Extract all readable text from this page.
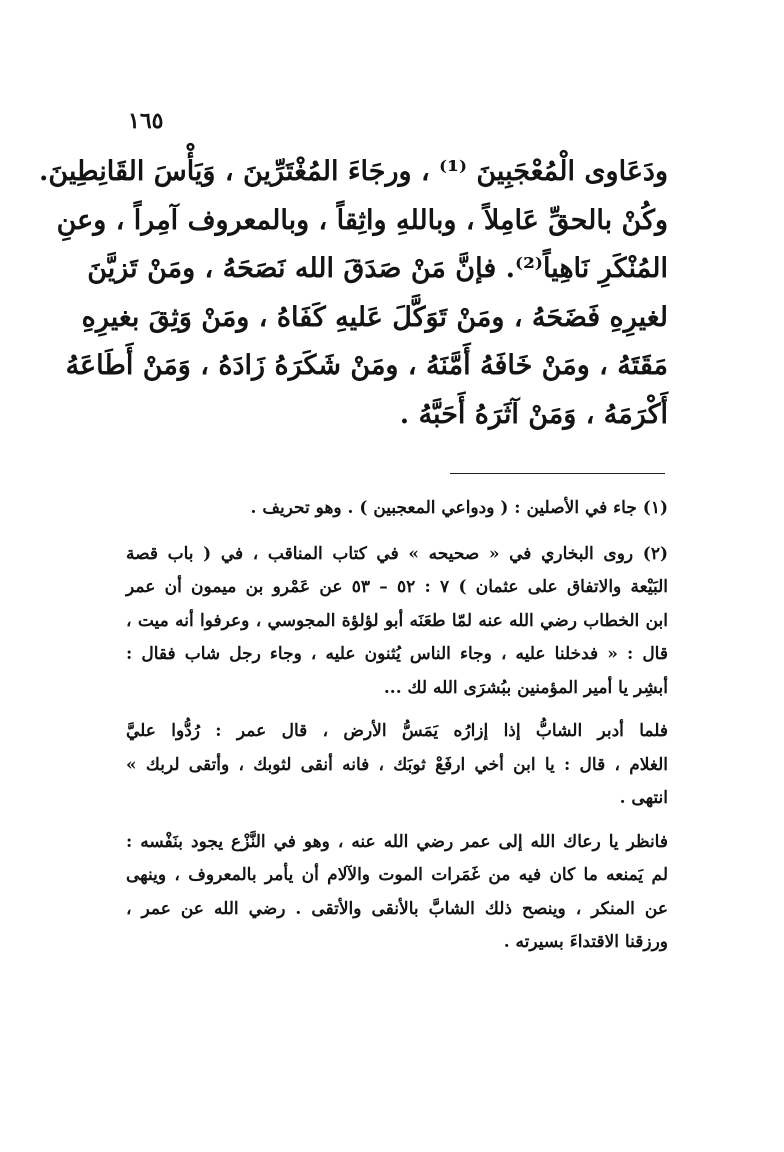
١٦٥
ودَعَاوى الْمُعْجَبِينَ ⁽¹⁾ ، ورجَاءَ المُغْتَرِّينَ ، وَيَأْسَ القَانِطِينَ.
وكُنْ بالحقِّ عَامِلاً ، وباللهِ واثِقاً ، وبالمعروف آمِراً ، وعنِ
المُنْكَرِ نَاهِياً⁽²⁾. فإنَّ مَنْ صَدَقَ الله نَصَحَهُ ، ومَنْ تَزيَّنَ
لغيرِهِ فَضَحَهُ ، ومَنْ تَوَكَّلَ عَليهِ كَفَاهُ ، ومَنْ وَثِقَ بغيرِهِ
مَقَتَهُ ، ومَنْ خَافَهُ أَمَّنَهُ ، ومَنْ شَكَرَهُ زَادَهُ ، وَمَنْ أَطَاعَهُ
أَكْرَمَهُ ، وَمَنْ آثَرَهُ أَحَبَّهُ .
(١) جاء في الأصلين : ( ودواعي المعجبين ) . وهو تحريف .
(٢) روى البخاري في « صحيحه » في كتاب المناقب ، في ( باب قصة
البَيْعة والاتفاق على عثمان ) ٧ : ٥٢ – ٥٣ عن عَمْرو بن ميمون أن عمر
ابن الخطاب رضي الله عنه لمّا طعَنَه أبو لؤلؤة المجوسي ، وعرفوا أنه ميت ،
قال : « فدخلنا عليه ، وجاء الناس يُثنون عليه ، وجاء رجل شاب فقال :
أبشِر يا أمير المؤمنين ببُشرَى الله لك ...
فلما أدبر الشابُّ إذا إزارُه يَمَسُّ الأرض ، قال عمر : رُدُّوا عليَّ
الغلام ، قال : يا ابن أخي ارفَعْ ثوبَك ، فانه أنقى لثوبك ، وأتقى لربك »
انتهى .
فانظر يا رعاك الله إلى عمر رضي الله عنه ، وهو في النَّزْع يجود بنَفْسه :
لم يَمنعه ما كان فيه من غَمَرات الموت والآلام أن يأمر بالمعروف ، وينهى
عن المنكر ، وينصح ذلك الشابَّ بالأنقى والأتقى . رضي الله عن عمر ،
ورزقنا الاقتداءَ بسيرته .
